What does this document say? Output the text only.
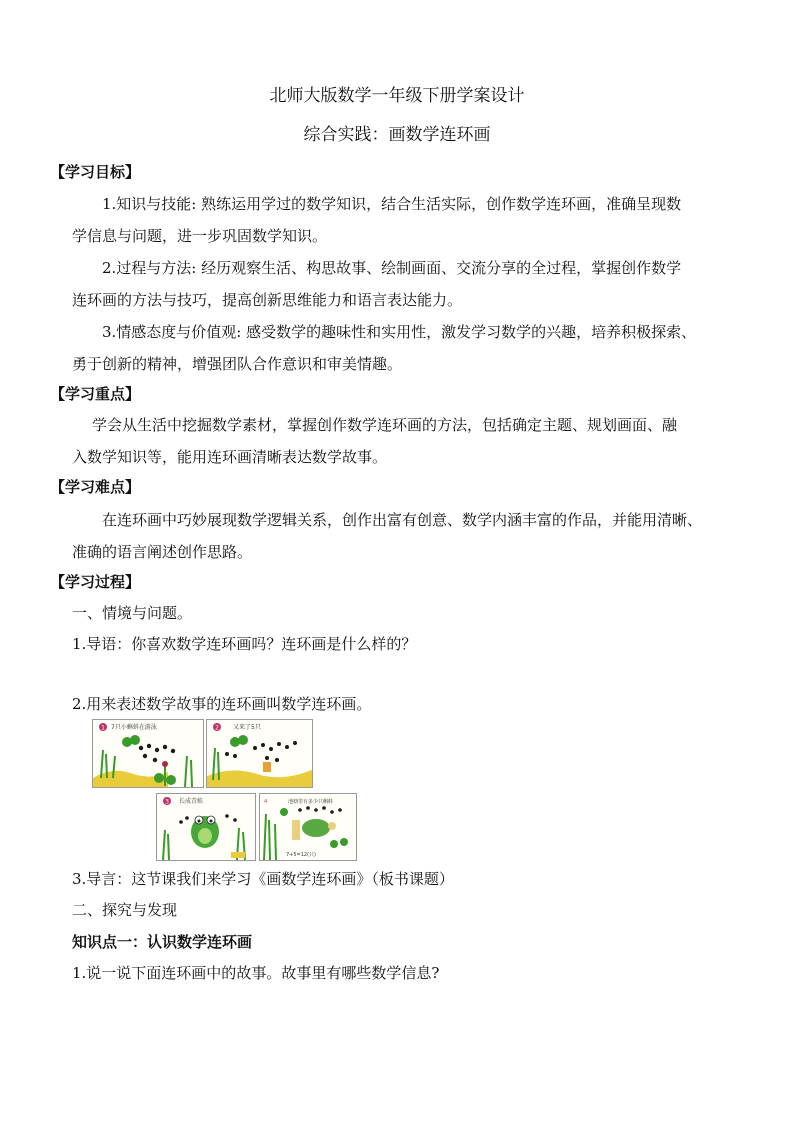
北师大版数学一年级下册学案设计
综合实践：画数学连环画
【学习目标】
1.知识与技能: 熟练运用学过的数学知识，结合生活实际，创作数学连环画，准确呈现数
学信息与问题，进一步巩固数学知识。
2.过程与方法: 经历观察生活、构思故事、绘制画面、交流分享的全过程，掌握创作数学
连环画的方法与技巧，提高创新思维能力和语言表达能力。
3.情感态度与价值观: 感受数学的趣味性和实用性，激发学习数学的兴趣，培养积极探索、
勇于创新的精神，增强团队合作意识和审美情趣。
【学习重点】
学会从生活中挖掘数学素材，掌握创作数学连环画的方法，包括确定主题、规划画面、融
入数学知识等，能用连环画清晰表达数学故事。
【学习难点】
在连环画中巧妙展现数学逻辑关系，创作出富有创意、数学内涵丰富的作品，并能用清晰、
准确的语言阐述创作思路。
【学习过程】
一、情境与问题。
1.导语：你喜欢数学连环画吗？连环画是什么样的？
2.用来表述数学故事的连环画叫数学连环画。
1 7只小蝌蚪在游泳	2 又来了5只
3 长成青蛙	池塘里有多少只蝌蚪
4
7+5=12(只)
3.导言：这节课我们来学习《画数学连环画》（板书课题）
二、探究与发现
知识点一：认识数学连环画
1.说一说下面连环画中的故事。故事里有哪些数学信息?
